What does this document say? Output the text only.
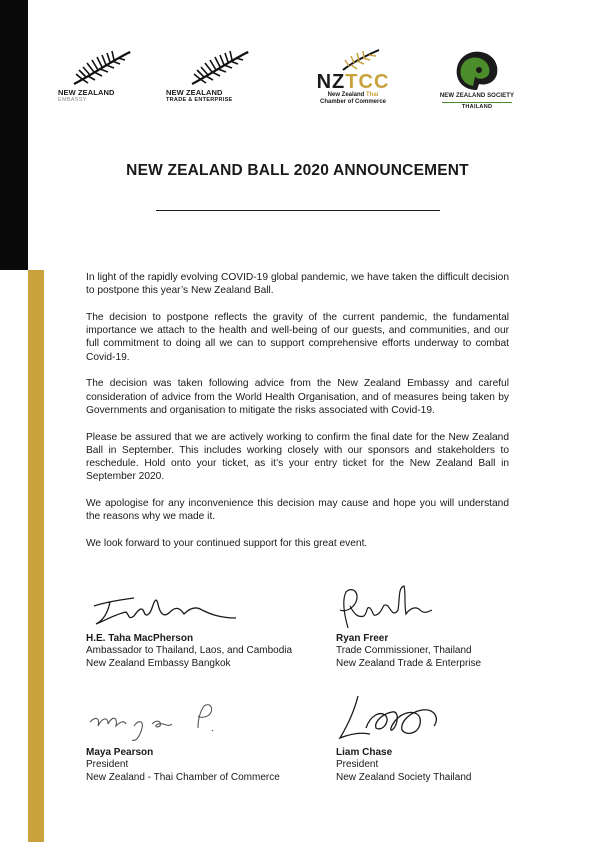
®
NEW ZEALAND
EMBASSY
®
NEW ZEALAND
TRADE & ENTERPRISE
NZTCC
New Zealand Thai
Chamber of Commerce
NEW ZEALAND SOCIETY
THAILAND
NEW ZEALAND BALL 2020 ANNOUNCEMENT

In light of the rapidly evolving COVID-19 global pandemic, we have taken the difficult decision to postpone this year’s New Zealand Ball.

The decision to postpone reflects the gravity of the current pandemic, the fundamental importance we attach to the health and well-being of our guests, and communities, and our full commitment to doing all we can to support comprehensive efforts underway to combat Covid-19.

The decision was taken following advice from the New Zealand Embassy and careful consideration of advice from the World Health Organisation, and of measures being taken by Governments and organisation to mitigate the risks associated with Covid-19.

Please be assured that we are actively working to confirm the final date for the New Zealand Ball in September. This includes working closely with our sponsors and stakeholders to reschedule. Hold onto your ticket, as it’s your entry ticket for the New Zealand Ball in September 2020.

We apologise for any inconvenience this decision may cause and hope you will understand the reasons why we made it.

We look forward to your continued support for this great event.

H.E. Taha MacPherson
Ambassador to Thailand, Laos, and Cambodia
New Zealand Embassy Bangkok
Ryan Freer
Trade Commissioner, Thailand
New Zealand Trade & Enterprise
Maya Pearson
President
New Zealand - Thai Chamber of Commerce
Liam Chase
President
New Zealand Society Thailand
